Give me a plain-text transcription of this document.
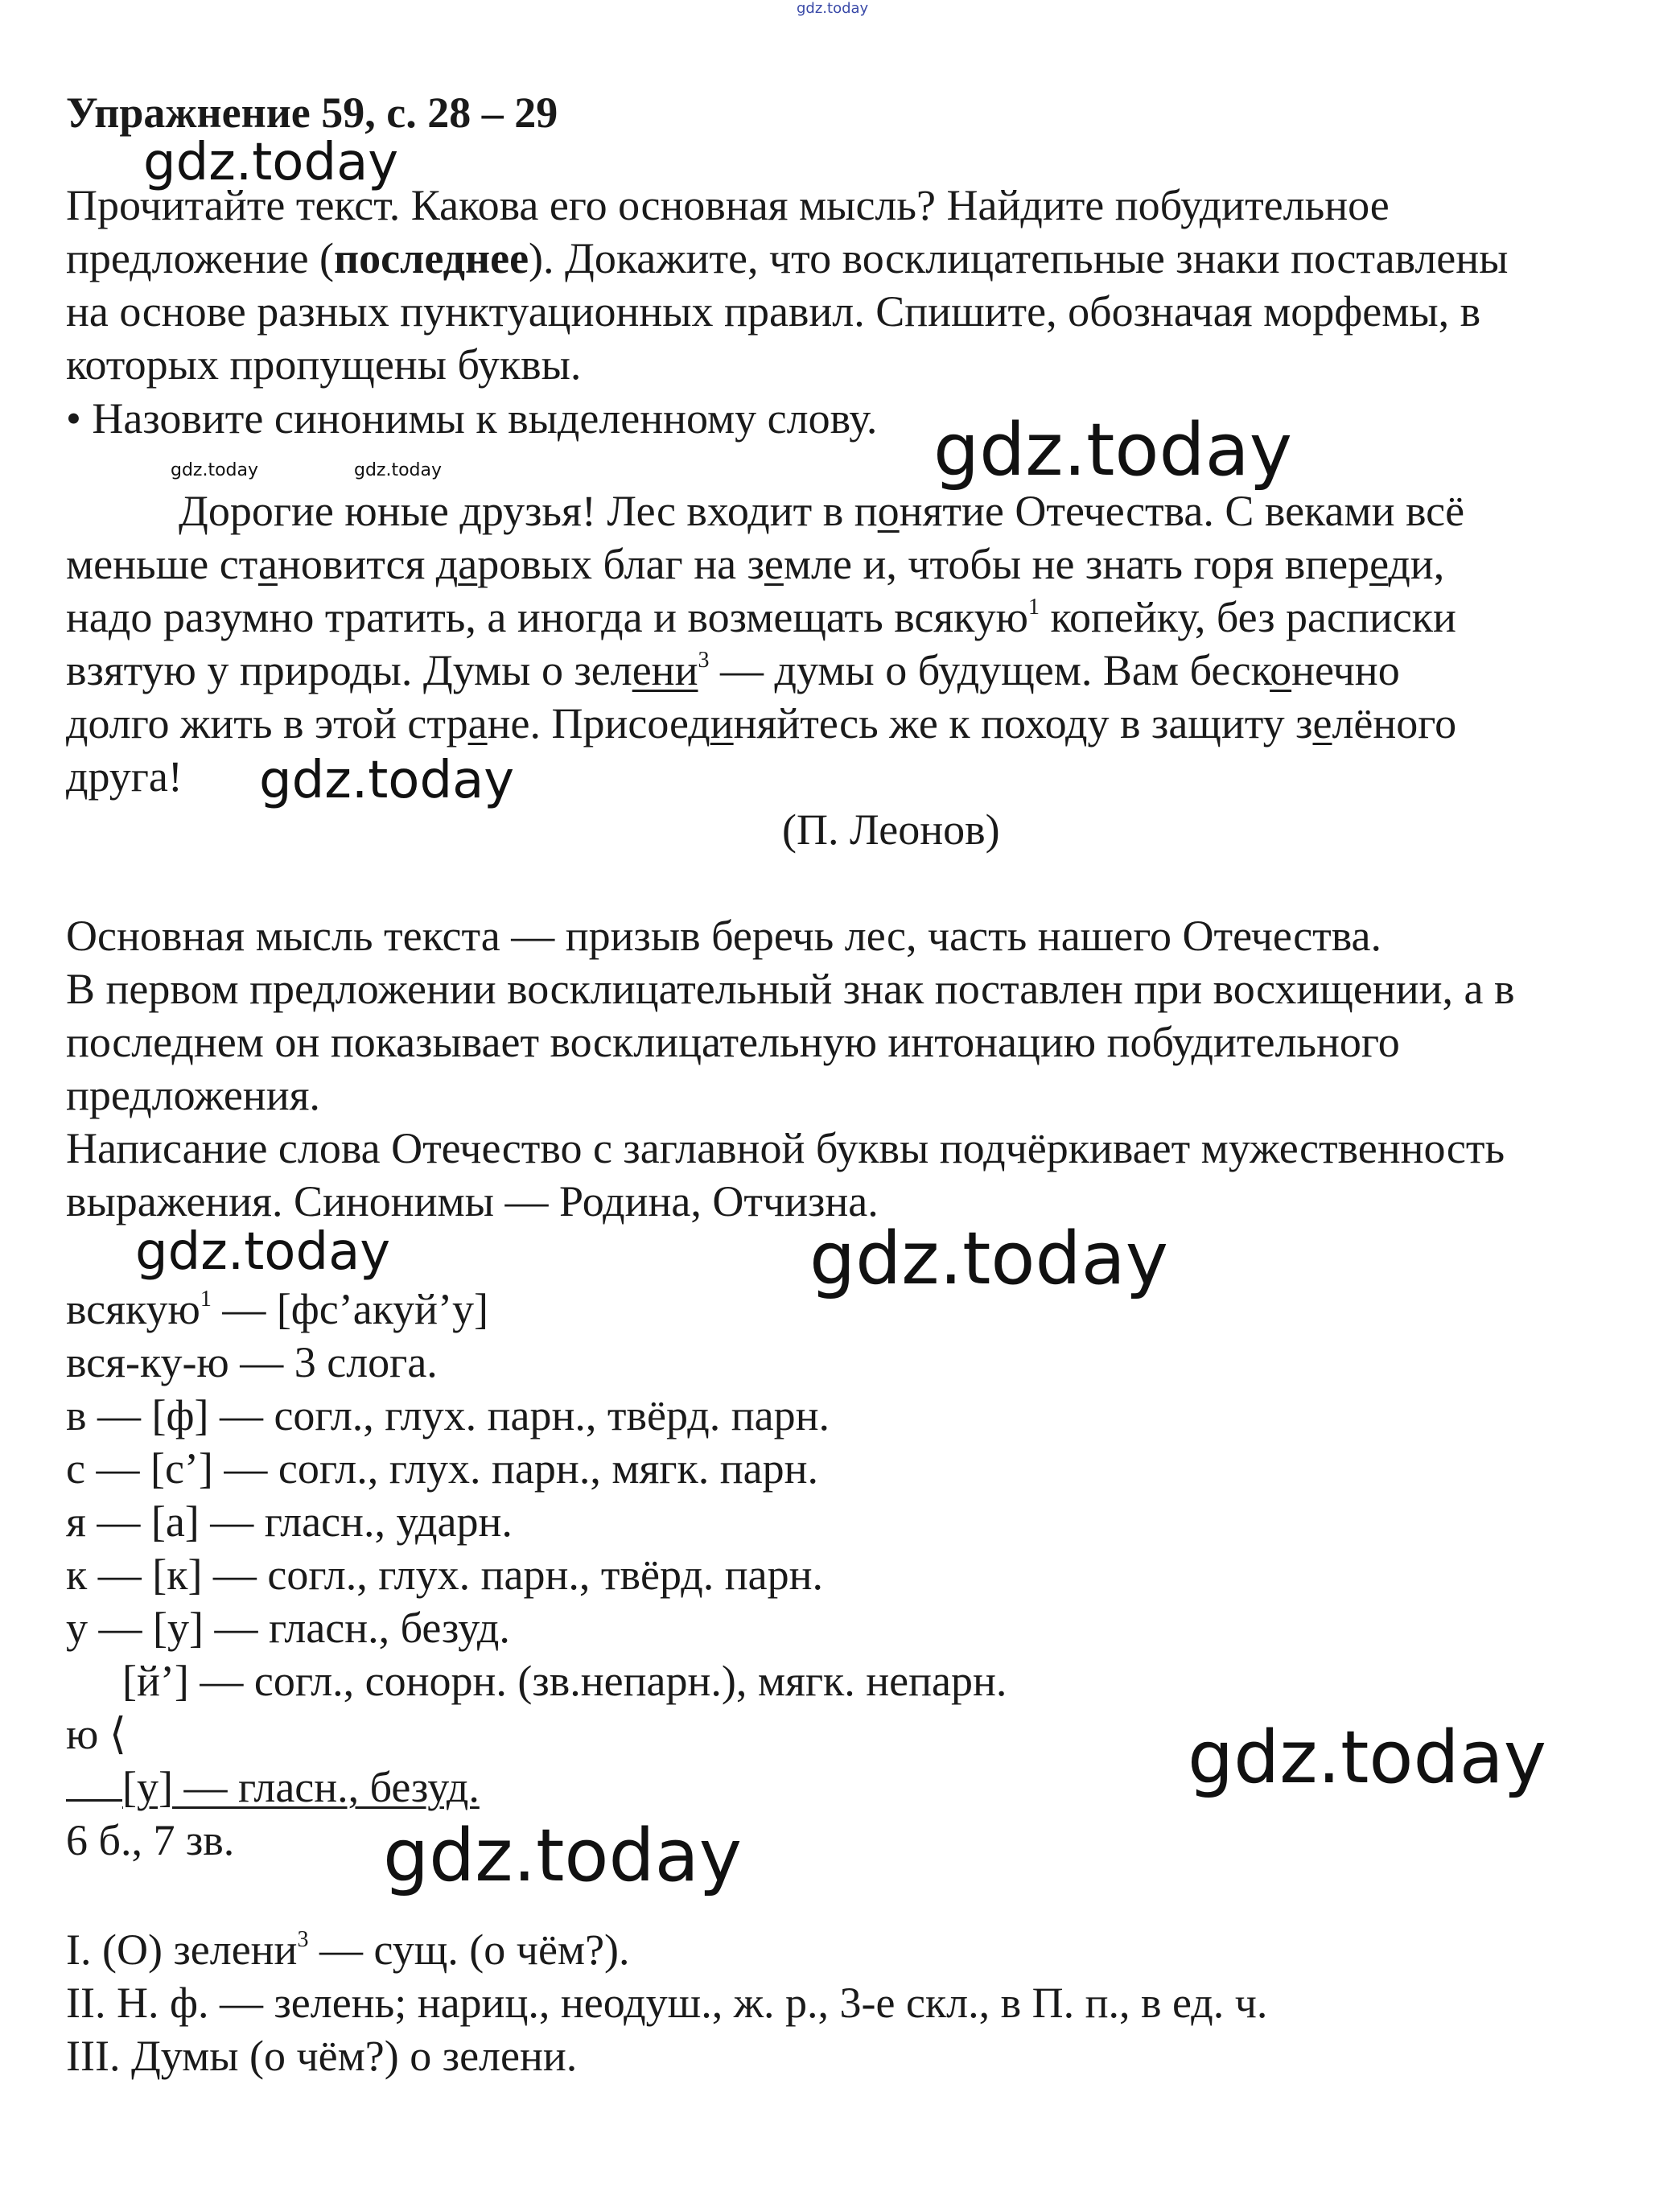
gdz.today
gdz.today
gdz.today
gdz.today	gdz.today
gdz.today
gdz.today	gdz.today
gdz.today
gdz.today
Упражнение 59, с. 28 – 29
Прочитайте текст. Какова его основная мысль? Найдите побудительное
предложение (последнее). Докажите, что восклицатепьные знаки поставлены
на основе разных пунктуационных правил. Спишите, обозначая морфемы, в
которых пропущены буквы.
• Назовите синонимы к выделенному слову.
Дорогие юные друзья! Лес входит в понятие Отечества. С веками всё
меньше становится даровых благ на земле и, чтобы не знать горя впереди,
надо разумно тратить, а иногда и возмещать всякую$^1$ копейку, без расписки
взятую у природы. Думы о зелени$^3$ — думы о будущем. Вам бесконечно
долго жить в этой стране. Присоединяйтесь же к походу в защиту зелёного
друга!
(П. Леонов)
Основная мысль текста — призыв беречь лес, часть нашего Отечества.
В первом предложении восклицательный знак поставлен при восхищении, а в
последнем он показывает восклицательную интонацию побудительного
предложения.
Написание слова Отечество с заглавной буквы подчёркивает мужественность
выражения. Синонимы — Родина, Отчизна.
всякую$^1$ — [фс’акуй’у]
вся-ку-ю — 3 слога.
в — [ф] — согл., глух. парн., твёрд. парн.
с — [с’] — согл., глух. парн., мягк. парн.
я — [а] — гласн., ударн.
к — [к] — согл., глух. парн., твёрд. парн.
у — [у] — гласн., безуд.
[й’] — согл., сонорн. (зв.непарн.), мягк. непарн.
ю ⟨
[у] — гласн., безуд.
6 б., 7 зв.
I. (О) зелени$^3$ — сущ. (о чём?).
II. Н. ф. — зелень; нариц., неодуш., ж. р., 3-е скл., в П. п., в ед. ч.
III. Думы (о чём?) о зелени.
